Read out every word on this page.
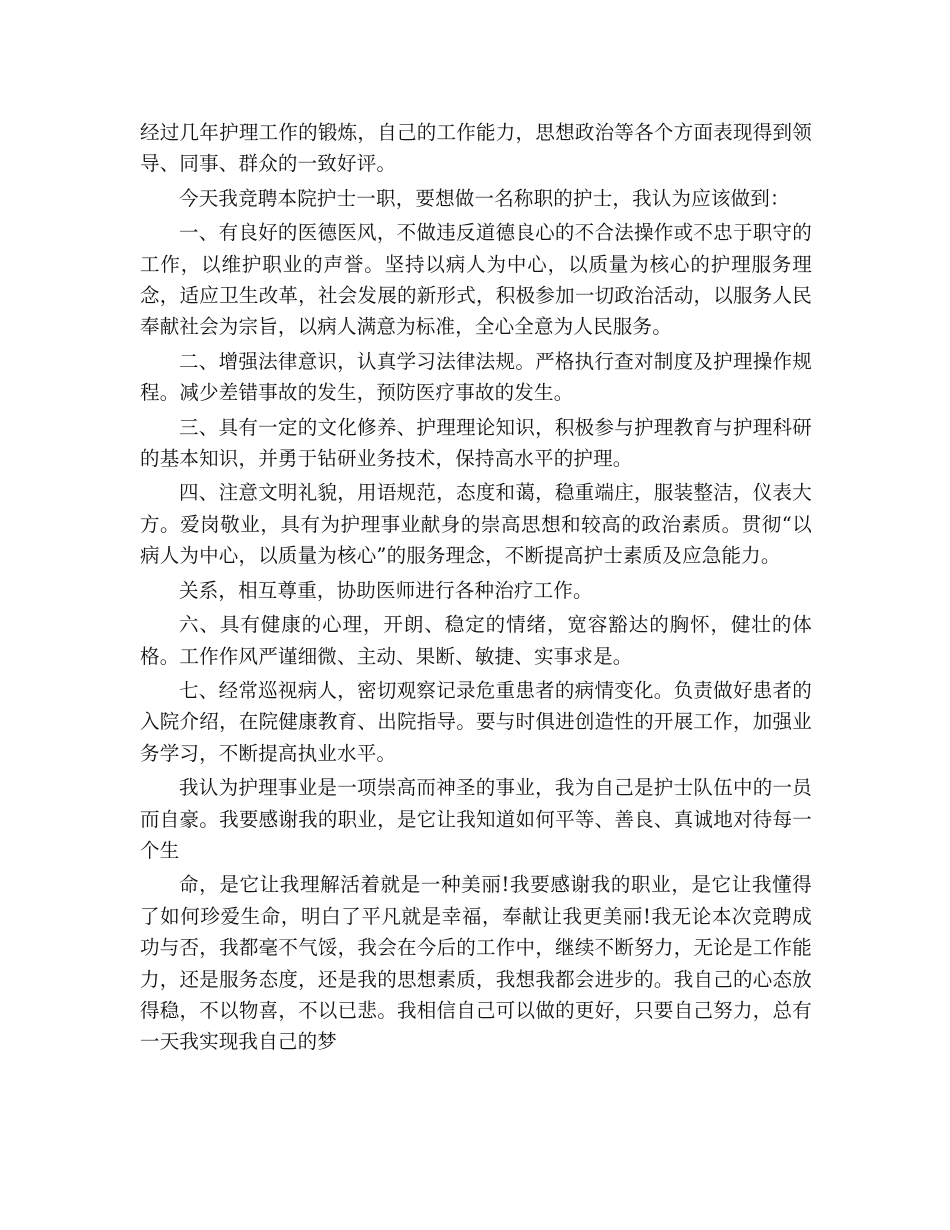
经过几年护理工作的锻炼，自己的工作能力，思想政治等各个方面表现得到领导、同事、群众的一致好评。

今天我竞聘本院护士一职，要想做一名称职的护士，我认为应该做到：

一、有良好的医德医风，不做违反道德良心的不合法操作或不忠于职守的工作，以维护职业的声誉。坚持以病人为中心，以质量为核心的护理服务理念，适应卫生改革，社会发展的新形式，积极参加一切政治活动，以服务人民奉献社会为宗旨，以病人满意为标准，全心全意为人民服务。

二、增强法律意识，认真学习法律法规。严格执行查对制度及护理操作规程。减少差错事故的发生，预防医疗事故的发生。

三、具有一定的文化修养、护理理论知识，积极参与护理教育与护理科研的基本知识，并勇于钻研业务技术，保持高水平的护理。

四、注意文明礼貌，用语规范，态度和蔼，稳重端庄，服装整洁，仪表大方。爱岗敬业，具有为护理事业献身的崇高思想和较高的政治素质。贯彻“以病人为中心，以质量为核心”的服务理念，不断提高护士素质及应急能力。

关系，相互尊重，协助医师进行各种治疗工作。

六、具有健康的心理，开朗、稳定的情绪，宽容豁达的胸怀，健壮的体格。工作作风严谨细微、主动、果断、敏捷、实事求是。

七、经常巡视病人，密切观察记录危重患者的病情变化。负责做好患者的入院介绍，在院健康教育、出院指导。要与时俱进创造性的开展工作，加强业务学习，不断提高执业水平。

我认为护理事业是一项崇高而神圣的事业，我为自己是护士队伍中的一员而自豪。我要感谢我的职业，是它让我知道如何平等、善良、真诚地对待每一个生

命，是它让我理解活着就是一种美丽!我要感谢我的职业，是它让我懂得了如何珍爱生命，明白了平凡就是幸福，奉献让我更美丽!我无论本次竞聘成功与否，我都毫不气馁，我会在今后的工作中，继续不断努力，无论是工作能力，还是服务态度，还是我的思想素质，我想我都会进步的。我自己的心态放得稳，不以物喜，不以已悲。我相信自己可以做的更好，只要自己努力，总有一天我实现我自己的梦
